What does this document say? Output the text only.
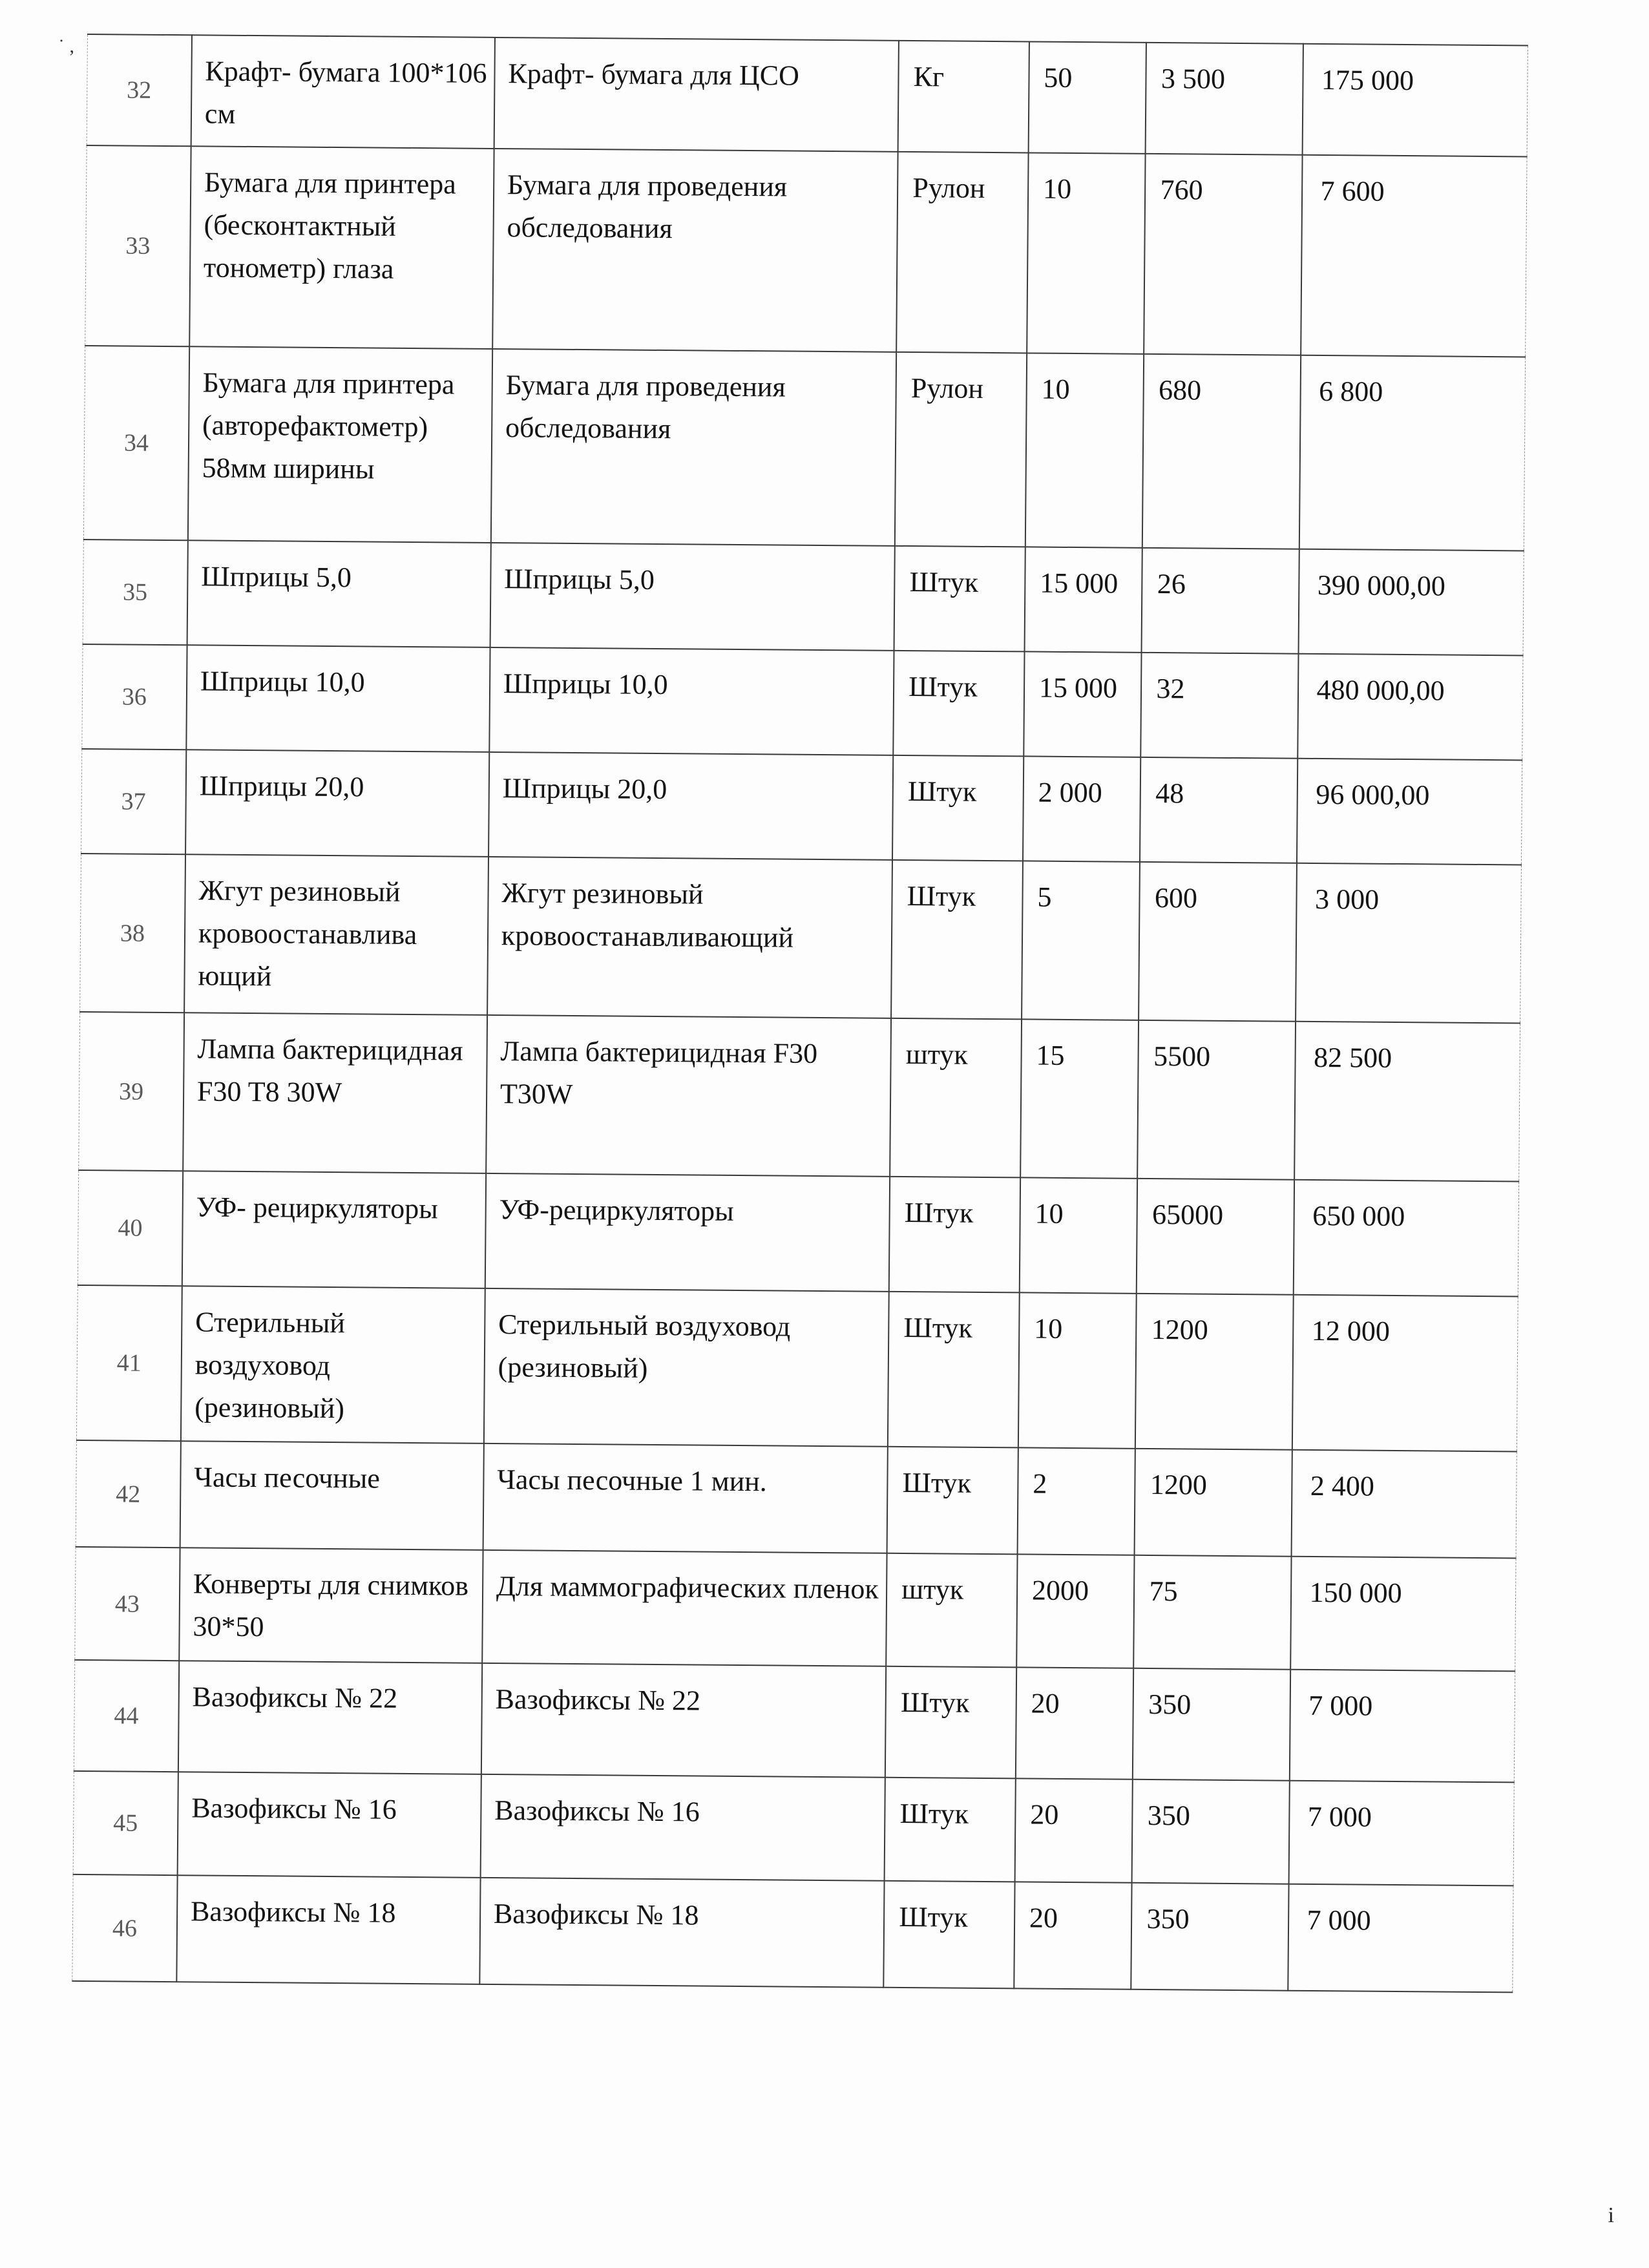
˙ ,
32	Крафт- бумага 100*106 см	Крафт- бумага для ЦСО	Кг	50	3 500	175 000
33	Бумага для принтера (бесконтактный тонометр) глаза	Бумага для проведения обследования	Рулон	10	760	7 600
34	Бумага для принтера (авторефактометр) 58мм ширины	Бумага для проведения обследования	Рулон	10	680	6 800
35	Шприцы 5,0	Шприцы 5,0	Штук	15 000	26	390 000,00
36	Шприцы 10,0	Шприцы 10,0	Штук	15 000	32	480 000,00
37	Шприцы 20,0	Шприцы 20,0	Штук	2 000	48	96 000,00
38	Жгут резиновый кровоостанавлива ющий	Жгут резиновый кровоостанавливающий	Штук	5	600	3 000
39	Лампа бактерицидная F30 T8 30W	Лампа бактерицидная F30 T30W	штук	15	5500	82 500
40	УФ- рециркуляторы	УФ-рециркуляторы	Штук	10	65000	650 000
41	Стерильный воздуховод (резиновый)	Стерильный воздуховод (резиновый)	Штук	10	1200	12 000
42	Часы песочные	Часы песочные 1 мин.	Штук	2	1200	2 400
43	Конверты для снимков 30*50	Для маммографических пленок	штук	2000	75	150 000
44	Вазофиксы № 22	Вазофиксы № 22	Штук	20	350	7 000
45	Вазофиксы № 16	Вазофиксы № 16	Штук	20	350	7 000
46	Вазофиксы № 18	Вазофиксы № 18	Штук	20	350	7 000
i
